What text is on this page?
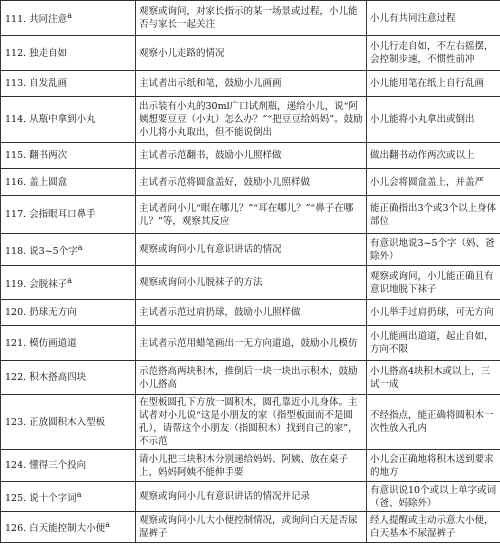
111. 共同注意$^a$	观察或询问，对家长指示的某一场景或过程，小儿能否与家长一起关注	小儿有共同注意过程
112. 独走自如	观察小儿走路的情况	小儿行走自如，不左右摇摆，会控制步速，不惯性前冲
113. 自发乱画	主试者出示纸和笔，鼓励小儿画画	小儿能用笔在纸上自行乱画
114. 从瓶中拿到小丸	出示装有小丸的30ml广口试剂瓶，递给小儿，说“阿姨想要豆豆（小丸）怎么办？”“把豆豆给妈妈”。鼓励小儿将小丸取出，但不能说倒出	小儿能将小丸拿出或倒出
115. 翻书两次	主试者示范翻书，鼓励小儿照样做	做出翻书动作两次或以上
116. 盖上圆盒	主试者示范将圆盒盖好，鼓励小儿照样做	小儿会将圆盒盖上，并盖严
117. 会指眼耳口鼻手	主试者问小儿“眼在哪儿？”“耳在哪儿？”“鼻子在哪儿？”等，观察其反应	能正确指出3个或3个以上身体部位
118. 说3~5个字$^a$	观察或询问小儿有意识讲话的情况	有意识地说3~5个字（妈、爸除外）
119. 会脱袜子$^a$	观察或询问小儿脱袜子的方法	观察或询问，小儿能正确且有意识地脱下袜子
120. 扔球无方向	主试者示范过肩扔球，鼓励小儿照样做	小儿举手过肩扔球，可无方向
121. 模仿画道道	主试者示范用蜡笔画出一无方向道道，鼓励小儿模仿	小儿能画出道道，起止自如，方向不限
122. 积木搭高四块	示范搭高两块积木，推倒后一块一块出示积木，鼓励小儿搭高	小儿搭高4块积木或以上，三试一成
123. 正放圆积木入型板	在型板圆孔下方放一圆积木，圆孔靠近小儿身体。主试者对小儿说“这是小朋友的家（指型板面而不是圆孔），请帮这个小朋友（指圆积木）找到自己的家”，不示范	不经指点，能正确将圆积木一次性放入孔内
124. 懂得三个投向	请小儿把三块积木分别递给妈妈、阿姨、放在桌子上，妈妈阿姨不能伸手要	小儿会正确地将积木送到要求的地方
125. 说十个字词$^a$	观察或询问小儿有意识讲话的情况并记录	有意识说10个或以上单字或词（爸、妈除外）
126. 白天能控制大小便$^a$	观察或询问小儿大小便控制情况，或询问白天是否尿湿裤子	经人提醒或主动示意大小便，白天基本不尿湿裤子
